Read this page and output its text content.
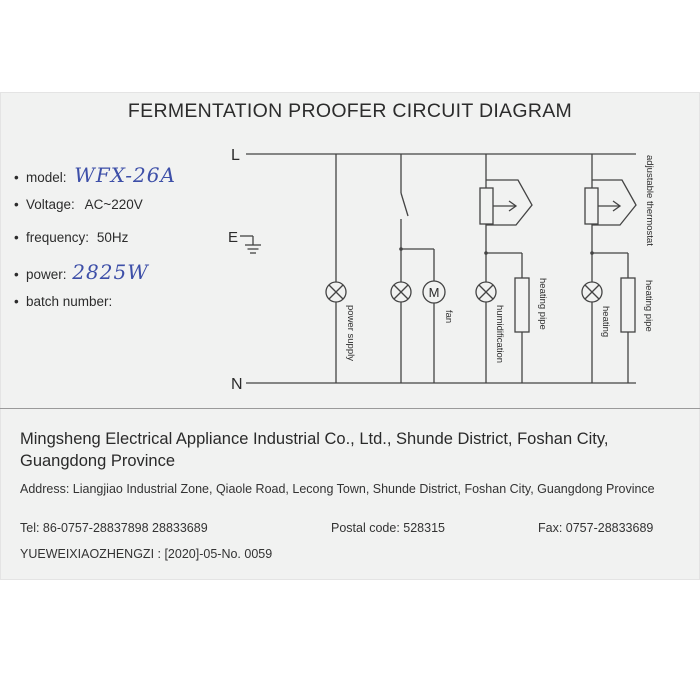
FERMENTATION PROOFER CIRCUIT DIAGRAM
• model: WFX-26A
• Voltage: AC~220V
• frequency: 50Hz
• power: 2825W
• batch number:
L
E
N
M
power supply	fan	humidification
heating pipe	heating	heating pipe
adjustable thermostat
Mingsheng Electrical Appliance Industrial Co., Ltd., Shunde District, Foshan City, Guangdong Province
Address: Liangjiao Industrial Zone, Qiaole Road, Lecong Town, Shunde District, Foshan City, Guangdong Province
Tel: 86-0757-28837898 28833689	Postal code: 528315	Fax: 0757-28833689
YUEWEIXIAOZHENGZI : [2020]-05-No. 0059
